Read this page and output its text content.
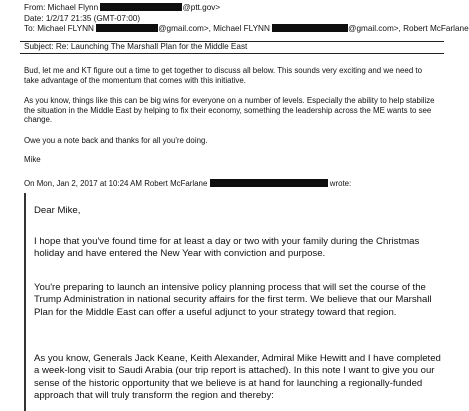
From: Michael Flynn	@ptt.gov>
Date: 1/2/17 21:35 (GMT-07:00)
To: Michael FLYNN	@gmail.com>, Michael FLYNN	@gmail.com>, Robert McFarlane
Subject: Re: Launching The Marshall Plan for the Middle East
Bud, let me and KT figure out a time to get together to discuss all below. This sounds very exciting and we need to take advantage of the momentum that comes with this initiative.
As you know, things like this can be big wins for everyone on a number of levels. Especially the ability to help stabilize the situation in the Middle East by helping to fix their economy, something the leadership across the ME wants to see change.
Owe you a note back and thanks for all you're doing.
Mike
On Mon, Jan 2, 2017 at 10:24 AM Robert McFarlane	wrote:
Dear Mike,
I hope that you've found time for at least a day or two with your family during the Christmas holiday and have entered the New Year with conviction and purpose.
You're preparing to launch an intensive policy planning process that will set the course of the Trump Administration in national security affairs for the first term. We believe that our Marshall Plan for the Middle East can offer a useful adjunct to your strategy toward that region.
As you know, Generals Jack Keane, Keith Alexander, Admiral Mike Hewitt and I have completed a week-long visit to Saudi Arabia (our trip report is attached). In this note I want to give you our sense of the historic opportunity that we believe is at hand for launching a regionally-funded approach that will truly transform the region and thereby:
